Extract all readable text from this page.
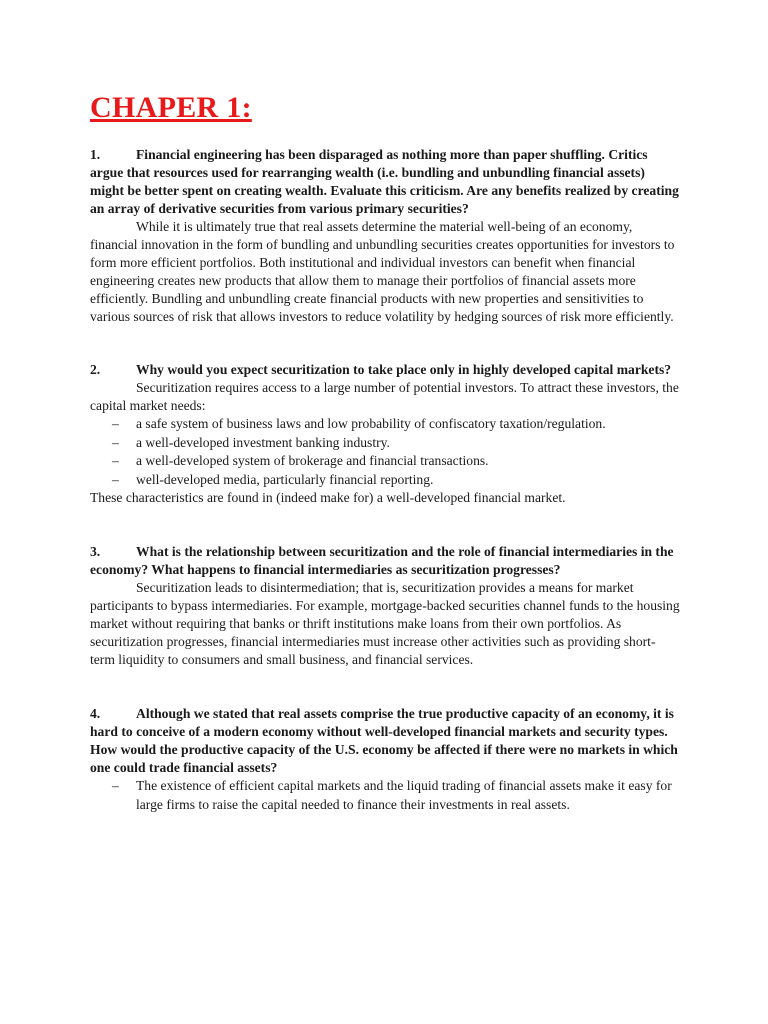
CHAPER 1:

1.	Financial engineering has been disparaged as nothing more than paper shuffling. Critics argue that resources used for rearranging wealth (i.e. bundling and unbundling financial assets) might be better spent on creating wealth. Evaluate this criticism. Are any benefits realized by creating an array of derivative securities from various primary securities?

While it is ultimately true that real assets determine the material well-being of an economy, financial innovation in the form of bundling and unbundling securities creates opportunities for investors to form more efficient portfolios. Both institutional and individual investors can benefit when financial engineering creates new products that allow them to manage their portfolios of financial assets more efficiently. Bundling and unbundling create financial products with new properties and sensitivities to various sources of risk that allows investors to reduce volatility by hedging sources of risk more efficiently.

2.	Why would you expect securitization to take place only in highly developed capital markets?

Securitization requires access to a large number of potential investors. To attract these investors, the capital market needs:

– a safe system of business laws and low probability of confiscatory taxation/regulation.
– a well-developed investment banking industry.
– a well-developed system of brokerage and financial transactions.
– well-developed media, particularly financial reporting.

These characteristics are found in (indeed make for) a well-developed financial market.

3.	What is the relationship between securitization and the role of financial intermediaries in the economy? What happens to financial intermediaries as securitization progresses?

Securitization leads to disintermediation; that is, securitization provides a means for market participants to bypass intermediaries. For example, mortgage-backed securities channel funds to the housing market without requiring that banks or thrift institutions make loans from their own portfolios. As securitization progresses, financial intermediaries must increase other activities such as providing short-term liquidity to consumers and small business, and financial services.

4.	Although we stated that real assets comprise the true productive capacity of an economy, it is hard to conceive of a modern economy without well-developed financial markets and security types. How would the productive capacity of the U.S. economy be affected if there were no markets in which one could trade financial assets?

– The existence of efficient capital markets and the liquid trading of financial assets make it easy for large firms to raise the capital needed to finance their investments in real assets.
